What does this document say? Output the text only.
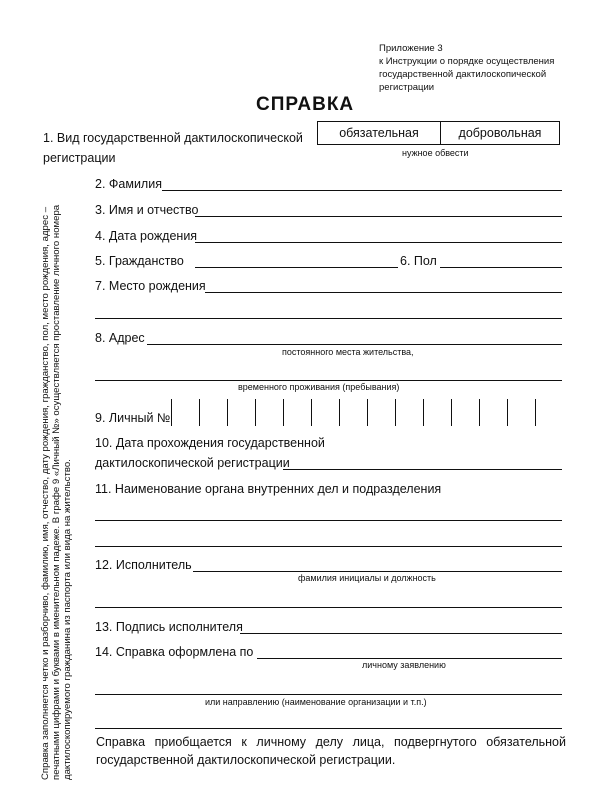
Приложение 3
к Инструкции о порядке осуществления
государственной дактилоскопической
регистрации
СПРАВКА
Справка заполняется четко и разборчиво, фамилию, имя, отчество, дату рождения, гражданство, пол, место рождения, адрес – печатными цифрами и буквами в именительном падеже. В графе 9 «Личный №» осуществляется проставление личного номера дактилоскопируемого гражданина из паспорта или вида на жительство.
1. Вид государственной дактилоскопической
регистрации
обязательная	добровольная
нужное обвести
2. Фамилия
3. Имя и отчество
4. Дата рождения
5. Гражданство	6. Пол
7. Место рождения
8. Адрес
постоянного места жительства,
временного проживания (пребывания)
9. Личный №
10. Дата прохождения государственной
дактилоскопической регистрации
11. Наименование органа внутренних дел и подразделения
12. Исполнитель
фамилия инициалы и должность
13. Подпись исполнителя
14. Справка оформлена по
личному заявлению
или направлению (наименование организации и т.п.)
Справка приобщается к личному делу лица, подвергнутого обязательной государственной дактилоскопической регистрации.
